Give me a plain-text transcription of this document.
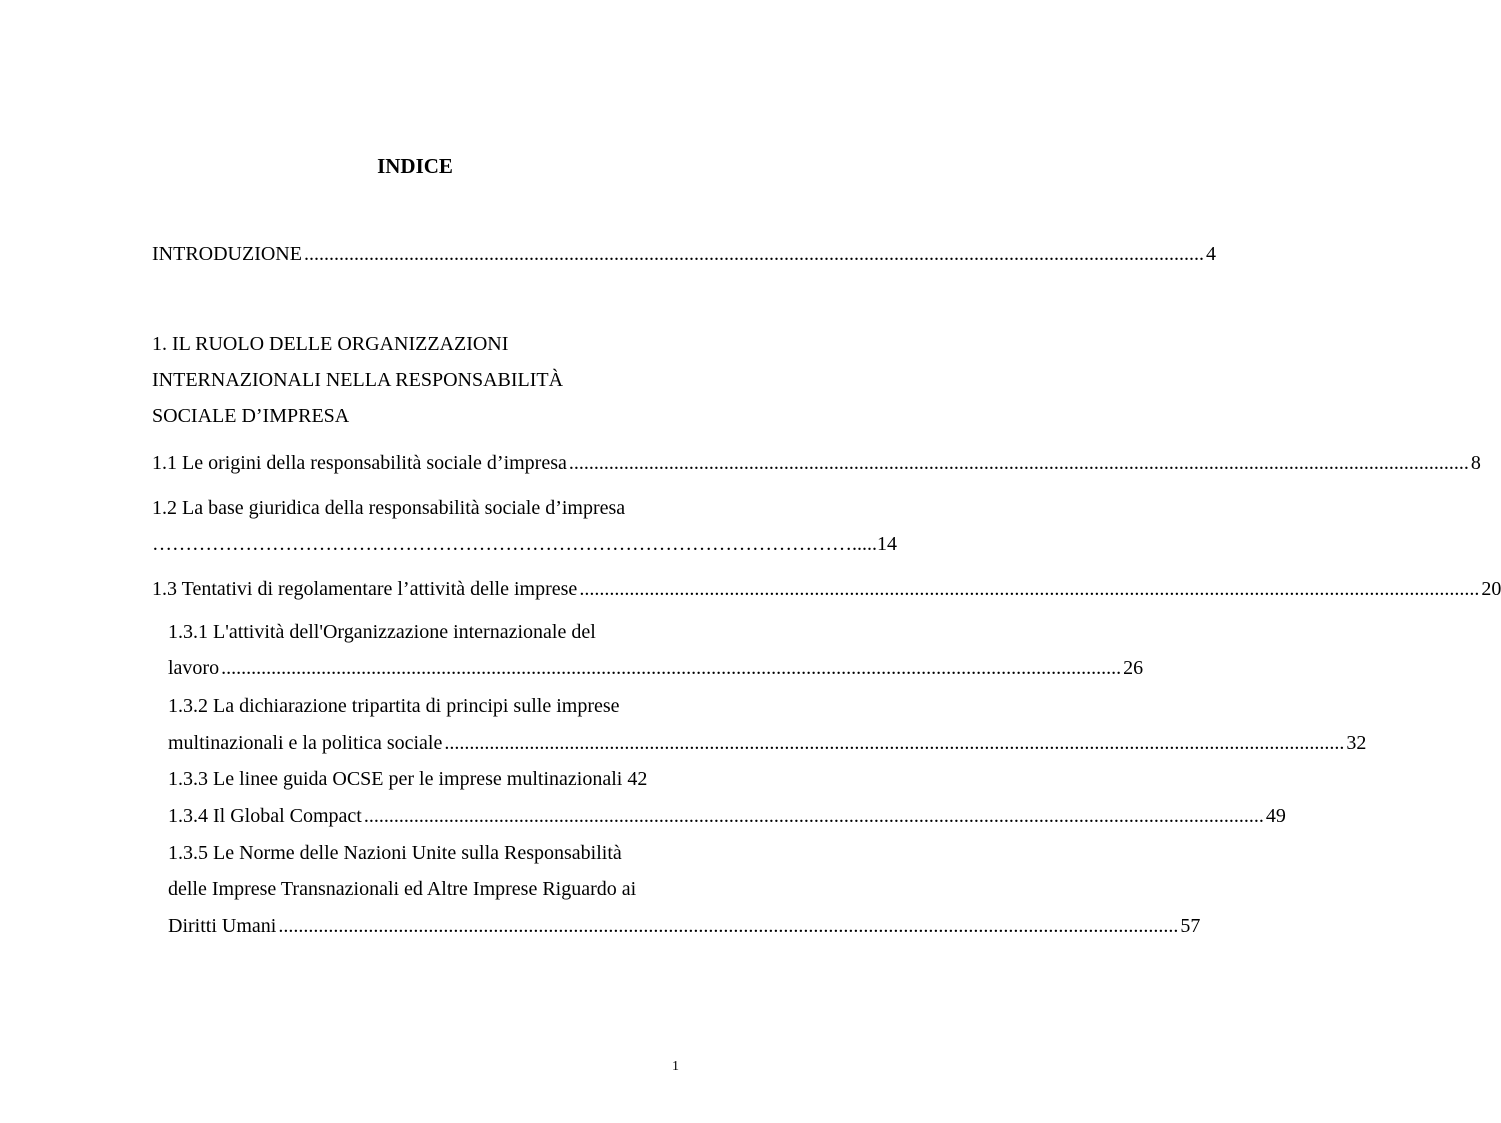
INDICE
INTRODUZIONE .................................................................................................................................................................................... 4
1. IL RUOLO DELLE ORGANIZZAZIONI
INTERNAZIONALI NELLA RESPONSABILITÀ
SOCIALE D’IMPRESA
1.1 Le origini della responsabilità sociale d’impresa .................................................................................................................................................................................... 8
1.2 La base giuridica della responsabilità sociale d’impresa
…………………………………………………………………………………………….. ...14
1.3 Tentativi di regolamentare l’attività delle imprese .................................................................................................................................................................................... 20
1.3.1 L'attività dell'Organizzazione internazionale del
lavoro .................................................................................................................................................................................... 26
1.3.2 La dichiarazione tripartita di principi sulle imprese
multinazionali e la politica sociale .................................................................................................................................................................................... 32
1.3.3 Le linee guida OCSE per le imprese multinazionali 42
1.3.4 Il Global Compact .................................................................................................................................................................................... 49
1.3.5 Le Norme delle Nazioni Unite sulla Responsabilità
delle Imprese Transnazionali ed Altre Imprese Riguardo ai
Diritti Umani .................................................................................................................................................................................... 57
1
